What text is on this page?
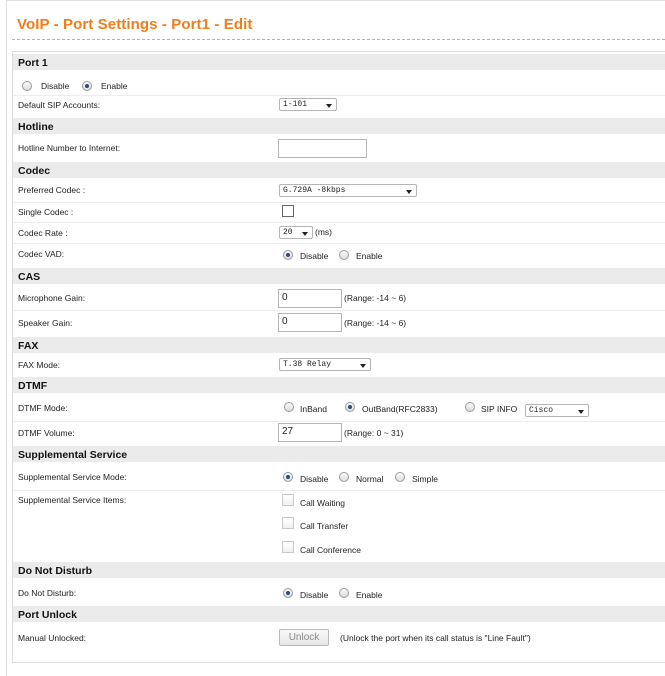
VoIP - Port Settings - Port1 - Edit
Port 1
Disable	Enable
Default SIP Accounts:	1-101
Hotline
Hotline Number to Internet:
Codec
Preferred Codec :	G.729A -8kbps
Single Codec :
Codec Rate :	20	(ms)
Codec VAD:	Disable	Enable
CAS
Microphone Gain:	0	(Range: -14 ~ 6)
Speaker Gain:	0	(Range: -14 ~ 6)
FAX
FAX Mode:	T.38 Relay
DTMF
DTMF Mode:	InBand	OutBand(RFC2833)	SIP INFO	Cisco
DTMF Volume:	27	(Range: 0 ~ 31)
Supplemental Service
Supplemental Service Mode:	Disable	Normal	Simple
Supplemental Service Items:	Call Waiting
Call Transfer
Call Conference
Do Not Disturb
Do Not Disturb:	Disable	Enable
Port Unlock
Manual Unlocked:	Unlock	(Unlock the port when its call status is "Line Fault")
